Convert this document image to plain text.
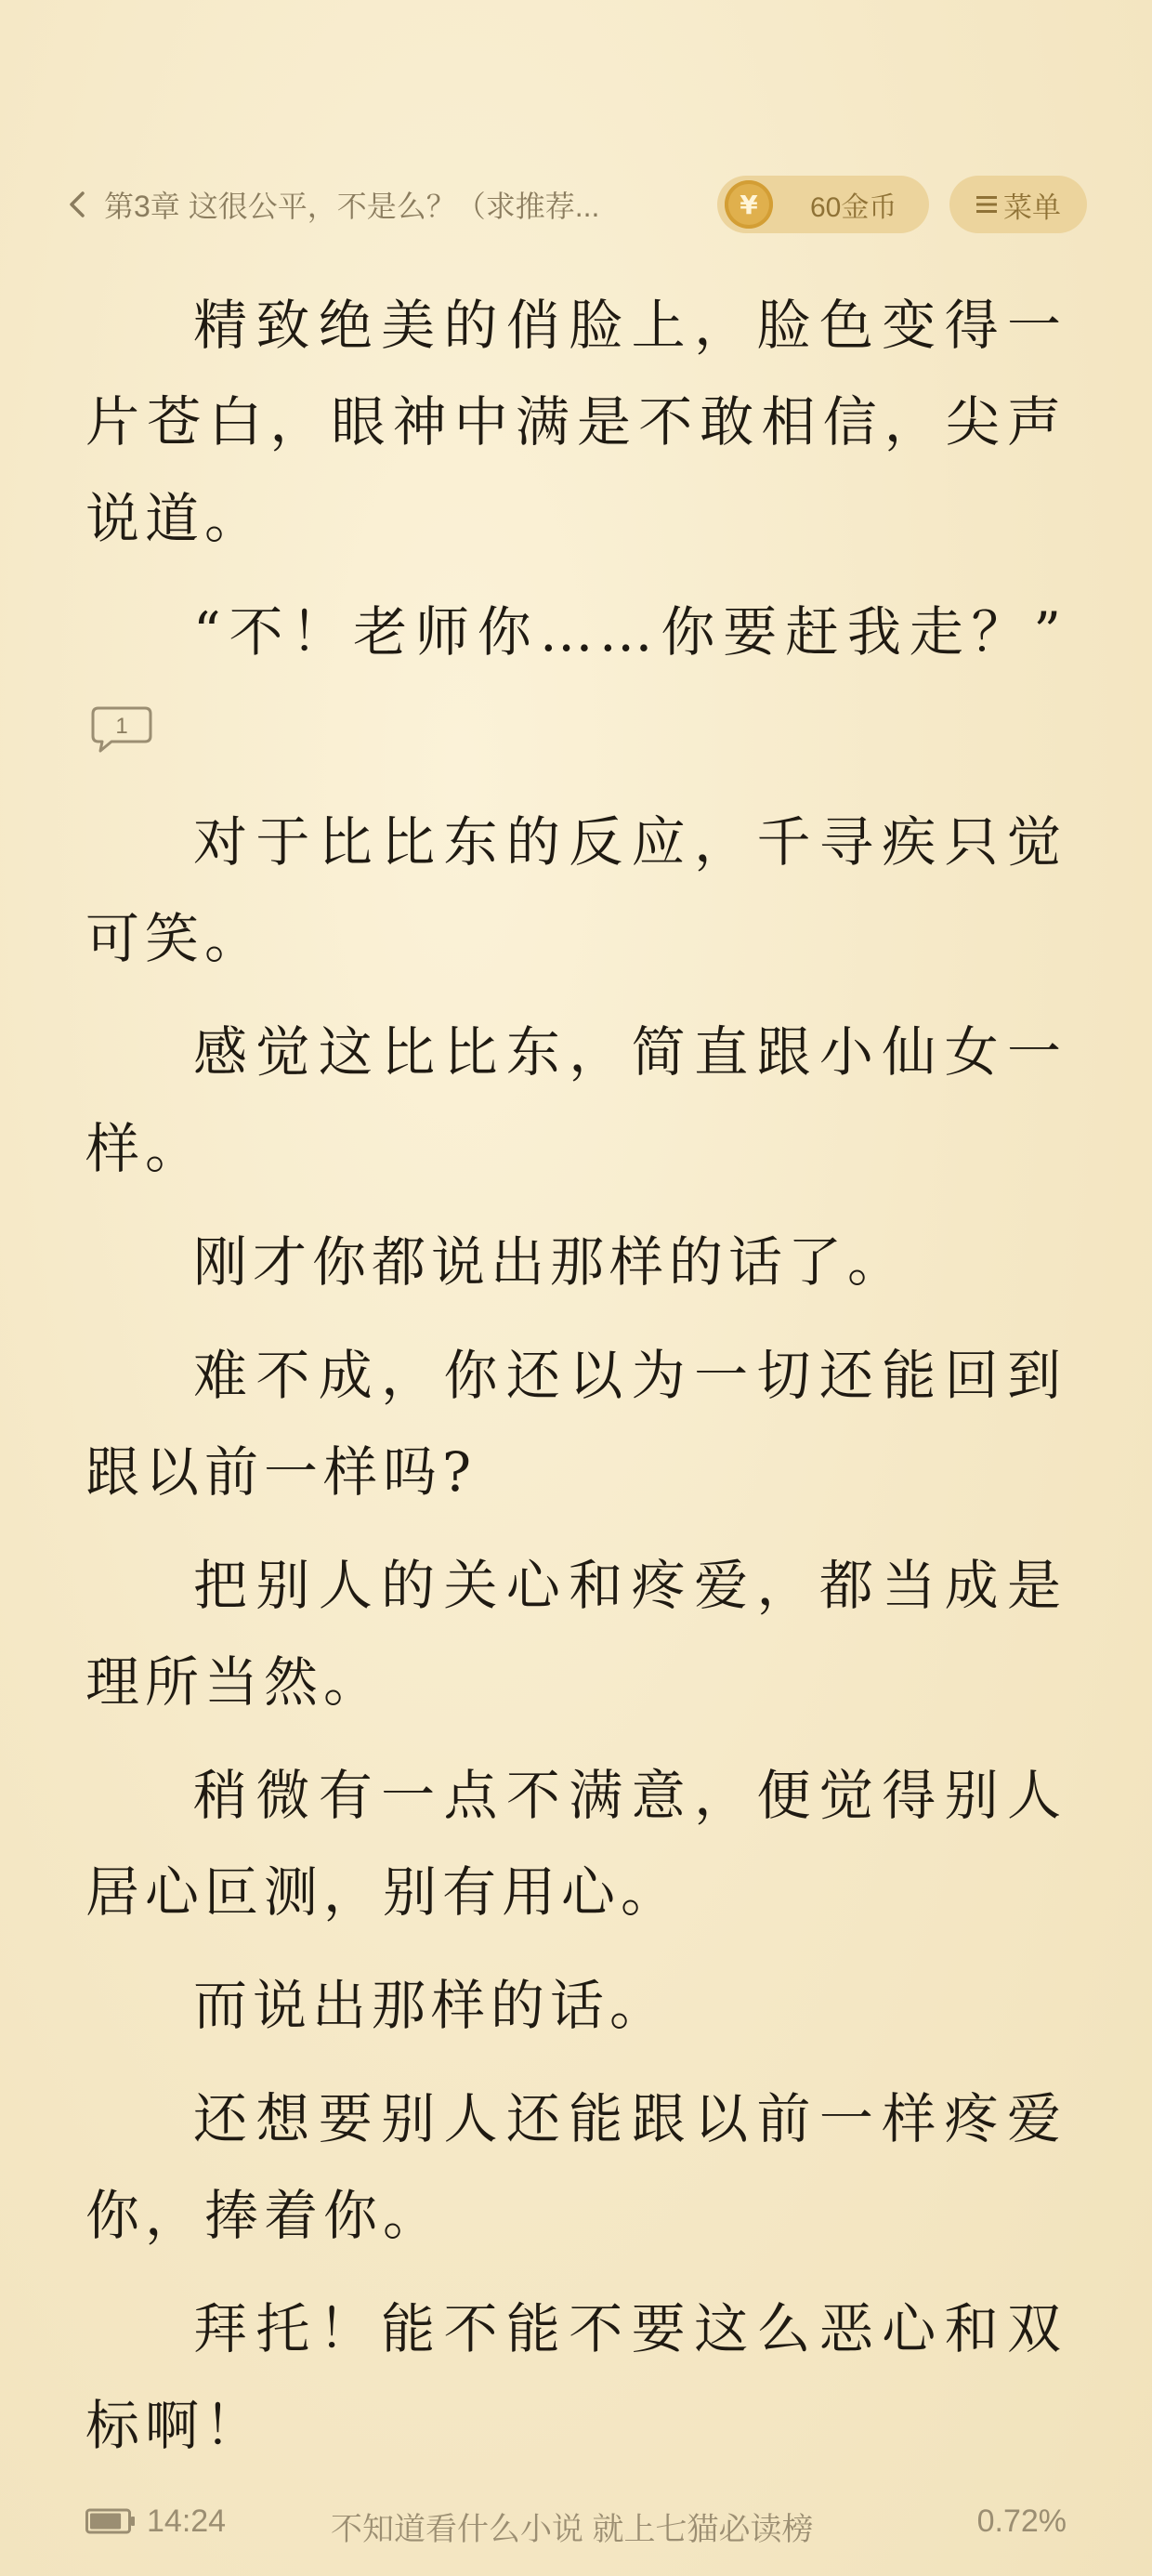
第3章 这很公平，不是么？（求推荐...	¥	60金币	菜单

精致绝美的俏脸上，脸色变得一片苍白，眼神中满是不敢相信，尖声说道。

“不！老师你……你要赶我走？”
1

对于比比东的反应，千寻疾只觉可笑。

感觉这比比东，简直跟小仙女一样。

刚才你都说出那样的话了。

难不成，你还以为一切还能回到跟以前一样吗?

把别人的关心和疼爱，都当成是理所当然。

稍微有一点不满意，便觉得别人居心叵测，别有用心。

而说出那样的话。

还想要别人还能跟以前一样疼爱你，捧着你。

拜托！能不能不要这么恶心和双标啊！

14:24	不知道看什么小说 就上七猫必读榜	0.72%
